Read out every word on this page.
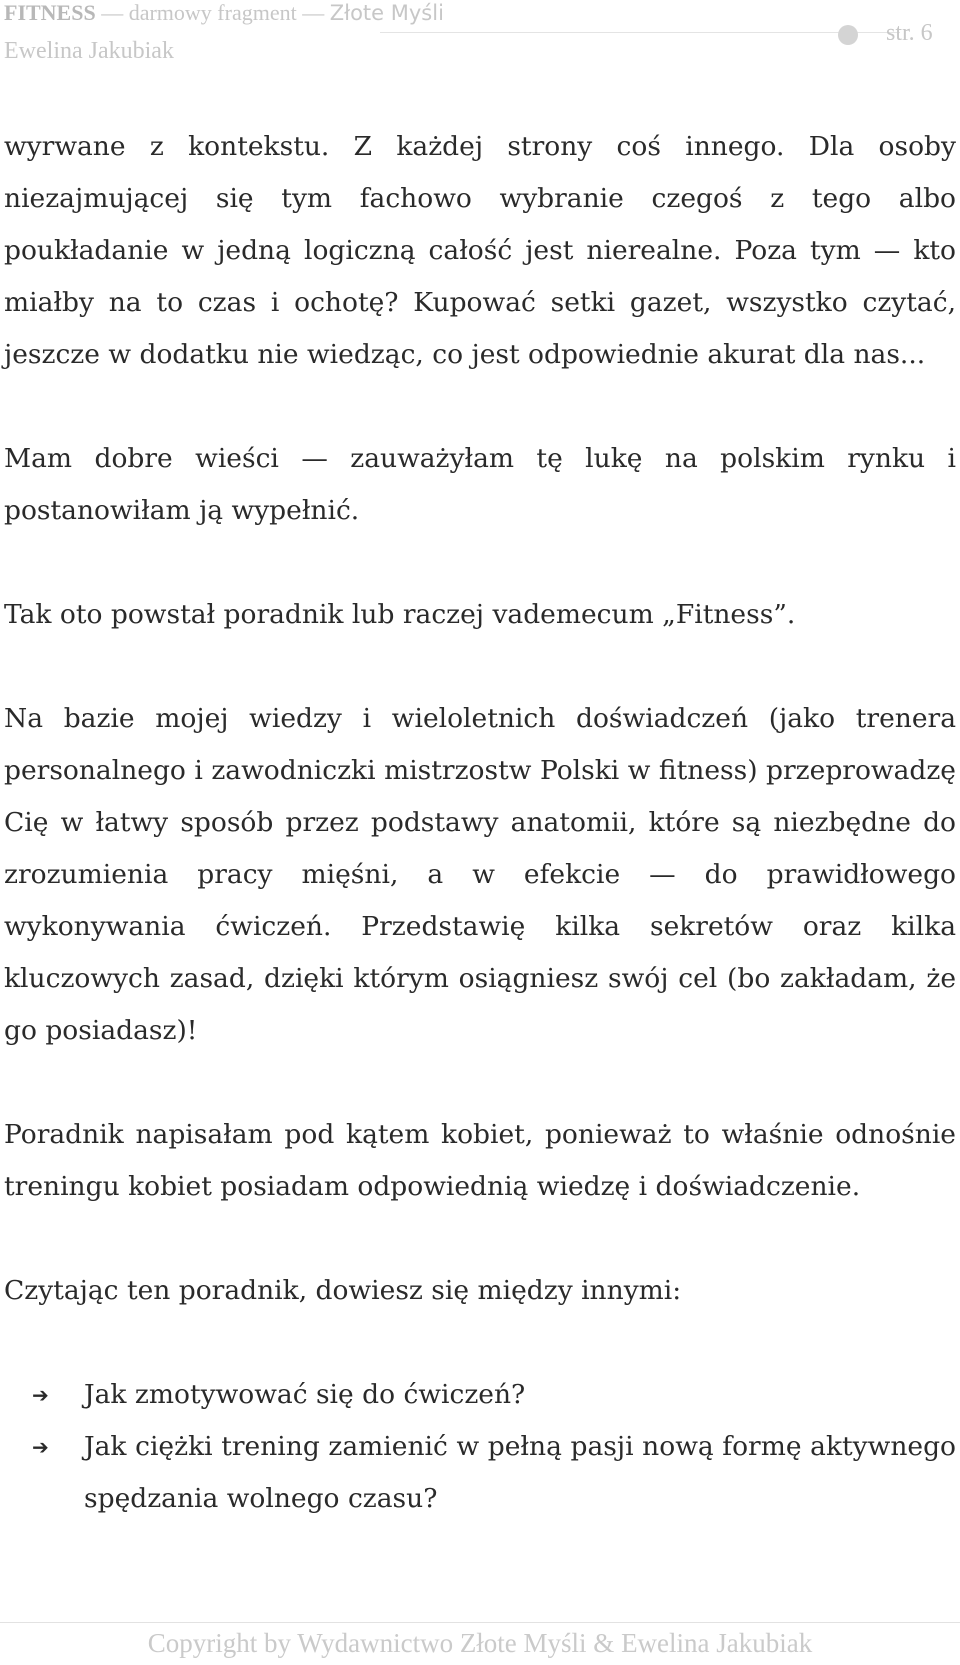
FITNESS — darmowy fragment — Złote Myśli
Ewelina Jakubiak
str. 6

wyrwane z kontekstu. Z każdej strony coś innego. Dla osoby niezajmującej się tym fachowo wybranie czegoś z tego albo poukładanie w jedną logiczną całość jest nierealne. Poza tym — kto miałby na to czas i ochotę? Kupować setki gazet, wszystko czytać, jeszcze w dodatku nie wiedząc, co jest odpowiednie akurat dla nas...

Mam dobre wieści — zauważyłam tę lukę na polskim rynku i postanowiłam ją wypełnić.

Tak oto powstał poradnik lub raczej vademecum „Fitness”.

Na bazie mojej wiedzy i wieloletnich doświadczeń (jako trenera personalnego i zawodniczki mistrzostw Polski w fitness) przeprowadzę Cię w łatwy sposób przez podstawy anatomii, które są niezbędne do zrozumienia pracy mięśni, a w efekcie — do prawidłowego wykonywania ćwiczeń. Przedstawię kilka sekretów oraz kilka kluczowych zasad, dzięki którym osiągniesz swój cel (bo zakładam, że go posiadasz)!

Poradnik napisałam pod kątem kobiet, ponieważ to właśnie odnośnie treningu kobiet posiadam odpowiednią wiedzę i doświadczenie.

Czytając ten poradnik, dowiesz się między innymi:

➔ Jak zmotywować się do ćwiczeń?
➔ Jak ciężki trening zamienić w pełną pasji nową formę aktywnego spędzania wolnego czasu?
Copyright by Wydawnictwo Złote Myśli & Ewelina Jakubiak
